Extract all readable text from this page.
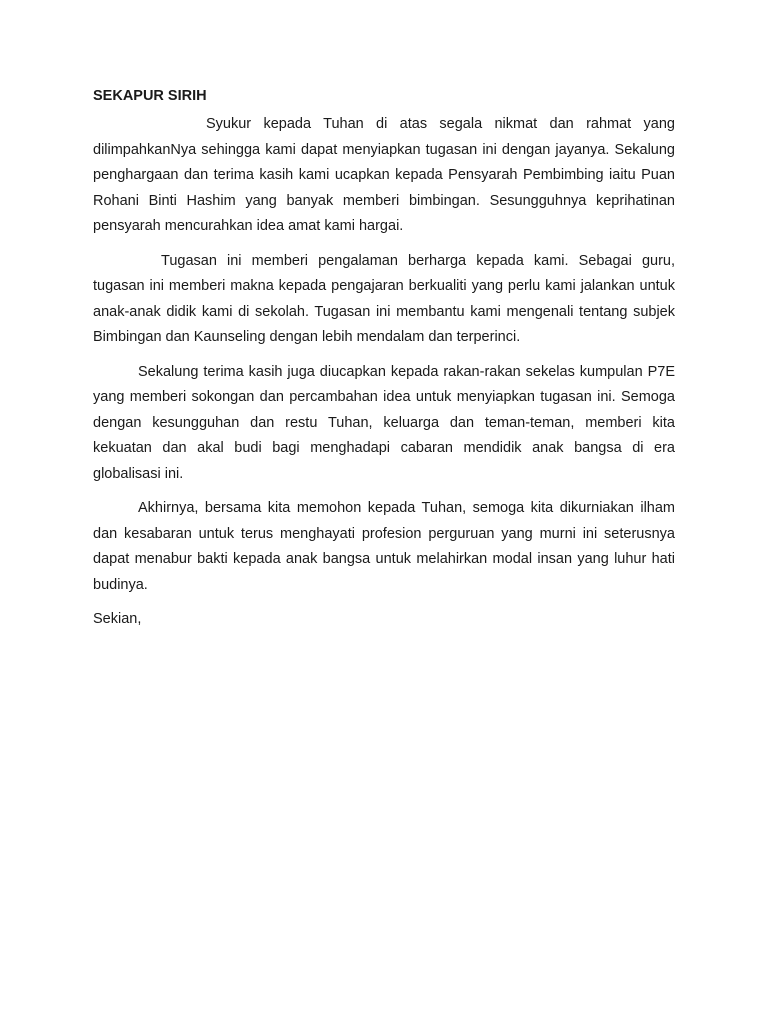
SEKAPUR SIRIH

Syukur kepada Tuhan di atas segala nikmat dan rahmat yang dilimpahkanNya sehingga kami dapat menyiapkan tugasan ini dengan jayanya. Sekalung penghargaan dan terima kasih kami ucapkan kepada Pensyarah Pembimbing iaitu Puan Rohani Binti Hashim yang banyak memberi bimbingan. Sesungguhnya keprihatinan pensyarah mencurahkan idea amat kami hargai.

Tugasan ini memberi pengalaman berharga kepada kami. Sebagai guru, tugasan ini memberi makna kepada pengajaran berkualiti yang perlu kami jalankan untuk anak-anak didik kami di sekolah. Tugasan ini membantu kami mengenali tentang subjek Bimbingan dan Kaunseling dengan lebih mendalam dan terperinci.

Sekalung terima kasih juga diucapkan kepada rakan-rakan sekelas kumpulan P7E yang memberi sokongan dan percambahan idea untuk menyiapkan tugasan ini. Semoga dengan kesungguhan dan restu Tuhan, keluarga dan teman-teman, memberi kita kekuatan dan akal budi bagi menghadapi cabaran mendidik anak bangsa di era globalisasi ini.

Akhirnya, bersama kita memohon kepada Tuhan, semoga kita dikurniakan ilham dan kesabaran untuk terus menghayati profesion perguruan yang murni ini seterusnya dapat menabur bakti kepada anak bangsa untuk melahirkan modal insan yang luhur hati budinya.

Sekian,
